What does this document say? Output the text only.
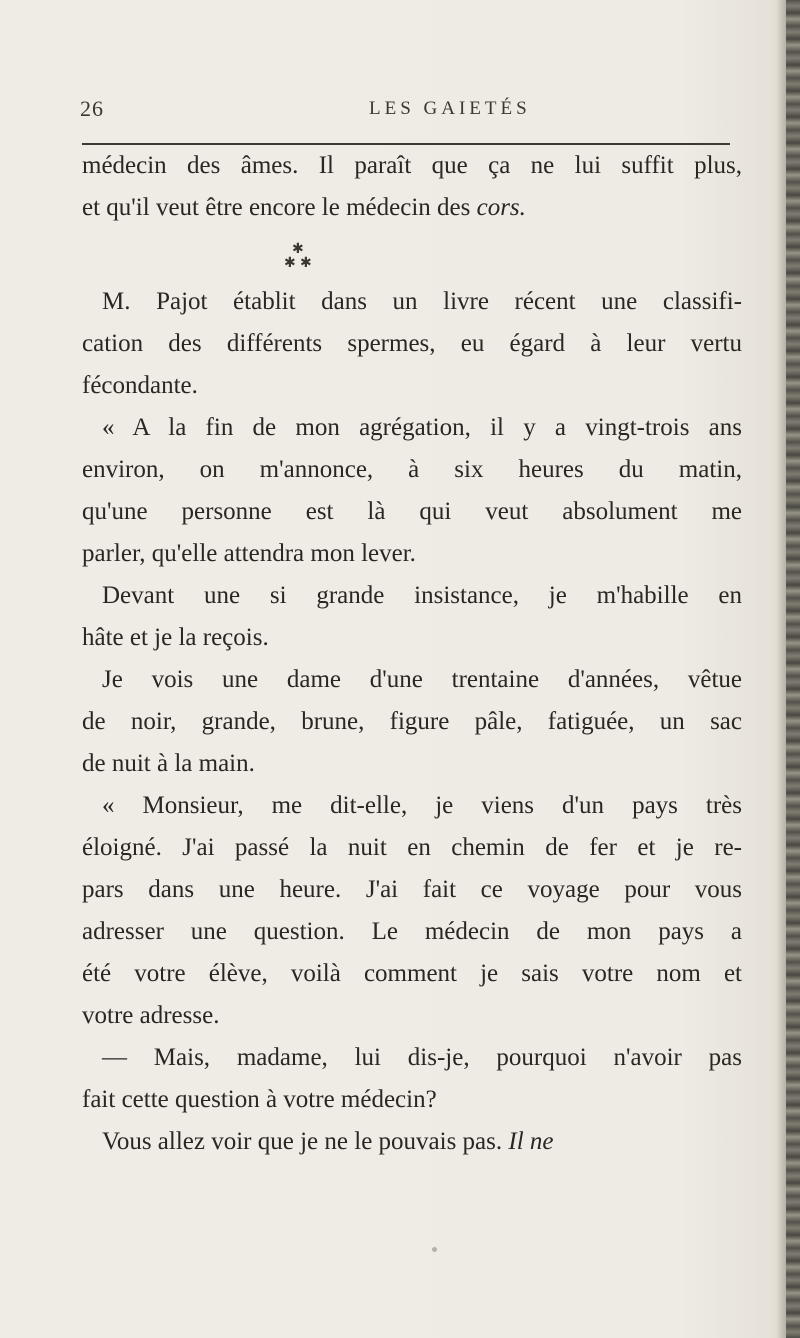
26	LES GAIETÉS
médecin des âmes. Il paraît que ça ne lui suffit plus,
et qu'il veut être encore le médecin des cors.
✱
✱ ✱
M. Pajot établit dans un livre récent une classifi-
cation des différents spermes, eu égard à leur vertu
fécondante.
« A la fin de mon agrégation, il y a vingt-trois ans
environ, on m'annonce, à six heures du matin,
qu'une personne est là qui veut absolument me
parler, qu'elle attendra mon lever.
Devant une si grande insistance, je m'habille en
hâte et je la reçois.
Je vois une dame d'une trentaine d'années, vêtue
de noir, grande, brune, figure pâle, fatiguée, un sac
de nuit à la main.
« Monsieur, me dit-elle, je viens d'un pays très
éloigné. J'ai passé la nuit en chemin de fer et je re-
pars dans une heure. J'ai fait ce voyage pour vous
adresser une question. Le médecin de mon pays a
été votre élève, voilà comment je sais votre nom et
votre adresse.
— Mais, madame, lui dis-je, pourquoi n'avoir pas
fait cette question à votre médecin?
Vous allez voir que je ne le pouvais pas. Il ne
